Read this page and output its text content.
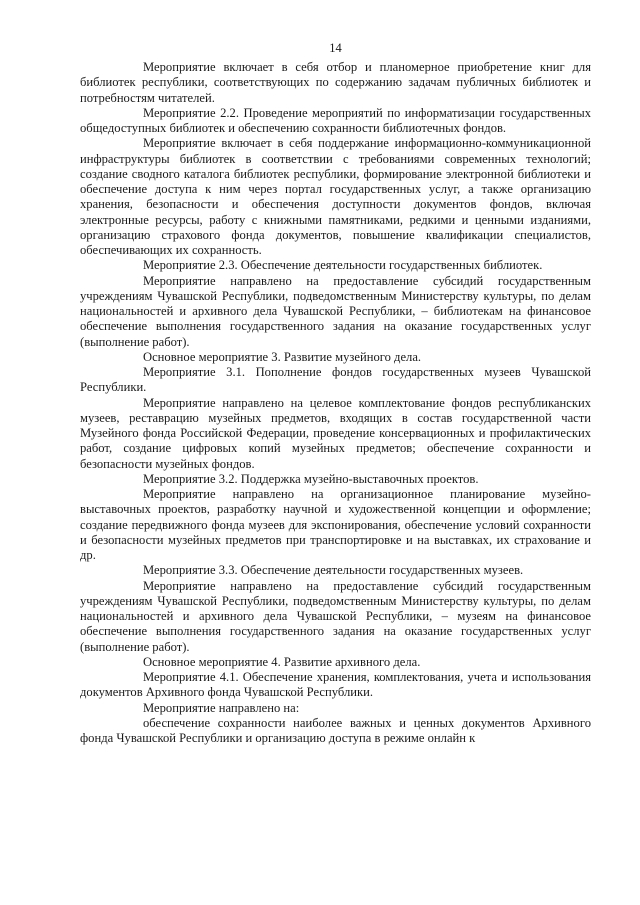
14

Мероприятие включает в себя отбор и планомерное приобретение книг для библиотек республики, соответствующих по содержанию задачам публичных библиотек и потребностям читателей.

Мероприятие 2.2. Проведение мероприятий по информатизации государственных общедоступных библиотек и обеспечению сохранности библиотечных фондов.

Мероприятие включает в себя поддержание информационно-коммуникационной инфраструктуры библиотек в соответствии с требованиями современных технологий; создание сводного каталога библиотек республики, формирование электронной библиотеки и обеспечение доступа к ним через портал государственных услуг, а также организацию хранения, безопасности и обеспечения доступности документов фондов, включая электронные ресурсы, работу с книжными памятниками, редкими и ценными изданиями, организацию страхового фонда документов, повышение квалификации специалистов, обеспечивающих их сохранность.

Мероприятие 2.3. Обеспечение деятельности государственных библиотек.

Мероприятие направлено на предоставление субсидий государственным учреждениям Чувашской Республики, подведомственным Министерству культуры, по делам национальностей и архивного дела Чувашской Республики, – библиотекам на финансовое обеспечение выполнения государственного задания на оказание государственных услуг (выполнение работ).

Основное мероприятие 3. Развитие музейного дела.

Мероприятие 3.1. Пополнение фондов государственных музеев Чувашской Республики.

Мероприятие направлено на целевое комплектование фондов республиканских музеев, реставрацию музейных предметов, входящих в состав государственной части Музейного фонда Российской Федерации, проведение консервационных и профилактических работ, создание цифровых копий музейных предметов; обеспечение сохранности и безопасности музейных фондов.

Мероприятие 3.2. Поддержка музейно-выставочных проектов.

Мероприятие направлено на организационное планирование музейно-выставочных проектов, разработку научной и художественной концепции и оформление; создание передвижного фонда музеев для экспонирования, обеспечение условий сохранности и безопасности музейных предметов при транспортировке и на выставках, их страхование и др.

Мероприятие 3.3. Обеспечение деятельности государственных музеев.

Мероприятие направлено на предоставление субсидий государственным учреждениям Чувашской Республики, подведомственным Министерству культуры, по делам национальностей и архивного дела Чувашской Республики, – музеям на финансовое обеспечение выполнения государственного задания на оказание государственных услуг (выполнение работ).

Основное мероприятие 4. Развитие архивного дела.

Мероприятие 4.1. Обеспечение хранения, комплектования, учета и использования документов Архивного фонда Чувашской Республики.

Мероприятие направлено на:

обеспечение сохранности наиболее важных и ценных документов Архивного фонда Чувашской Республики и организацию доступа в режиме онлайн к
